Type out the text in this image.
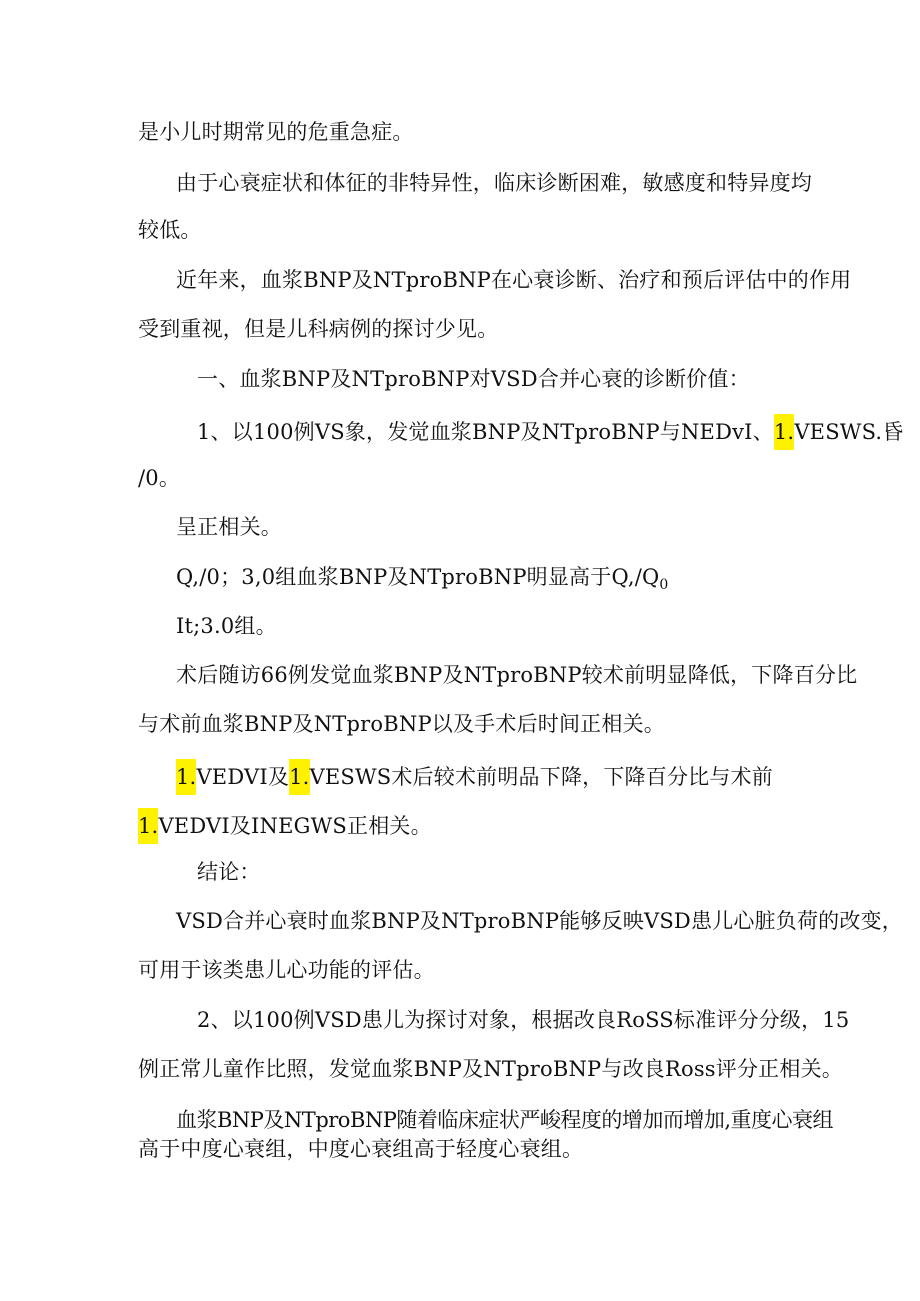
是小儿时期常见的危重急症。
由于心衰症状和体征的非特异性，临床诊断困难，敏感度和特异度均
较低。
近年来，血浆BNP及NTproBNP在心衰诊断、治疗和预后评估中的作用
受到重视，但是儿科病例的探讨少见。
一、血浆BNP及NTproBNP对VSD合并心衰的诊断价值：
1、以100例VS象，发觉血浆BNP及NTproBNP与NEDvI、1.VESWS.昏
/0。
呈正相关。
Q,/0；3,0组血浆BNP及NTproBNP明显高于$Q,/Q_0$
It;3.0组。
术后随访66例发觉血浆BNP及NTproBNP较术前明显降低，下降百分比
与术前血浆BNP及NTproBNP以及手术后时间正相关。
1.VEDVI及1.VESWS术后较术前明品下降，下降百分比与术前
1.VEDVI及INEGWS正相关。
结论：
VSD合并心衰时血浆BNP及NTproBNP能够反映VSD患儿心脏负荷的改变，
可用于该类患儿心功能的评估。
2、以100例VSD患儿为探讨对象，根据改良RoSS标准评分分级，15
例正常儿童作比照，发觉血浆BNP及NTproBNP与改良Ross评分正相关。
血浆BNP及NTproBNP随着临床症状严峻程度的增加而增加,重度心衰组
高于中度心衰组，中度心衰组高于轻度心衰组。
